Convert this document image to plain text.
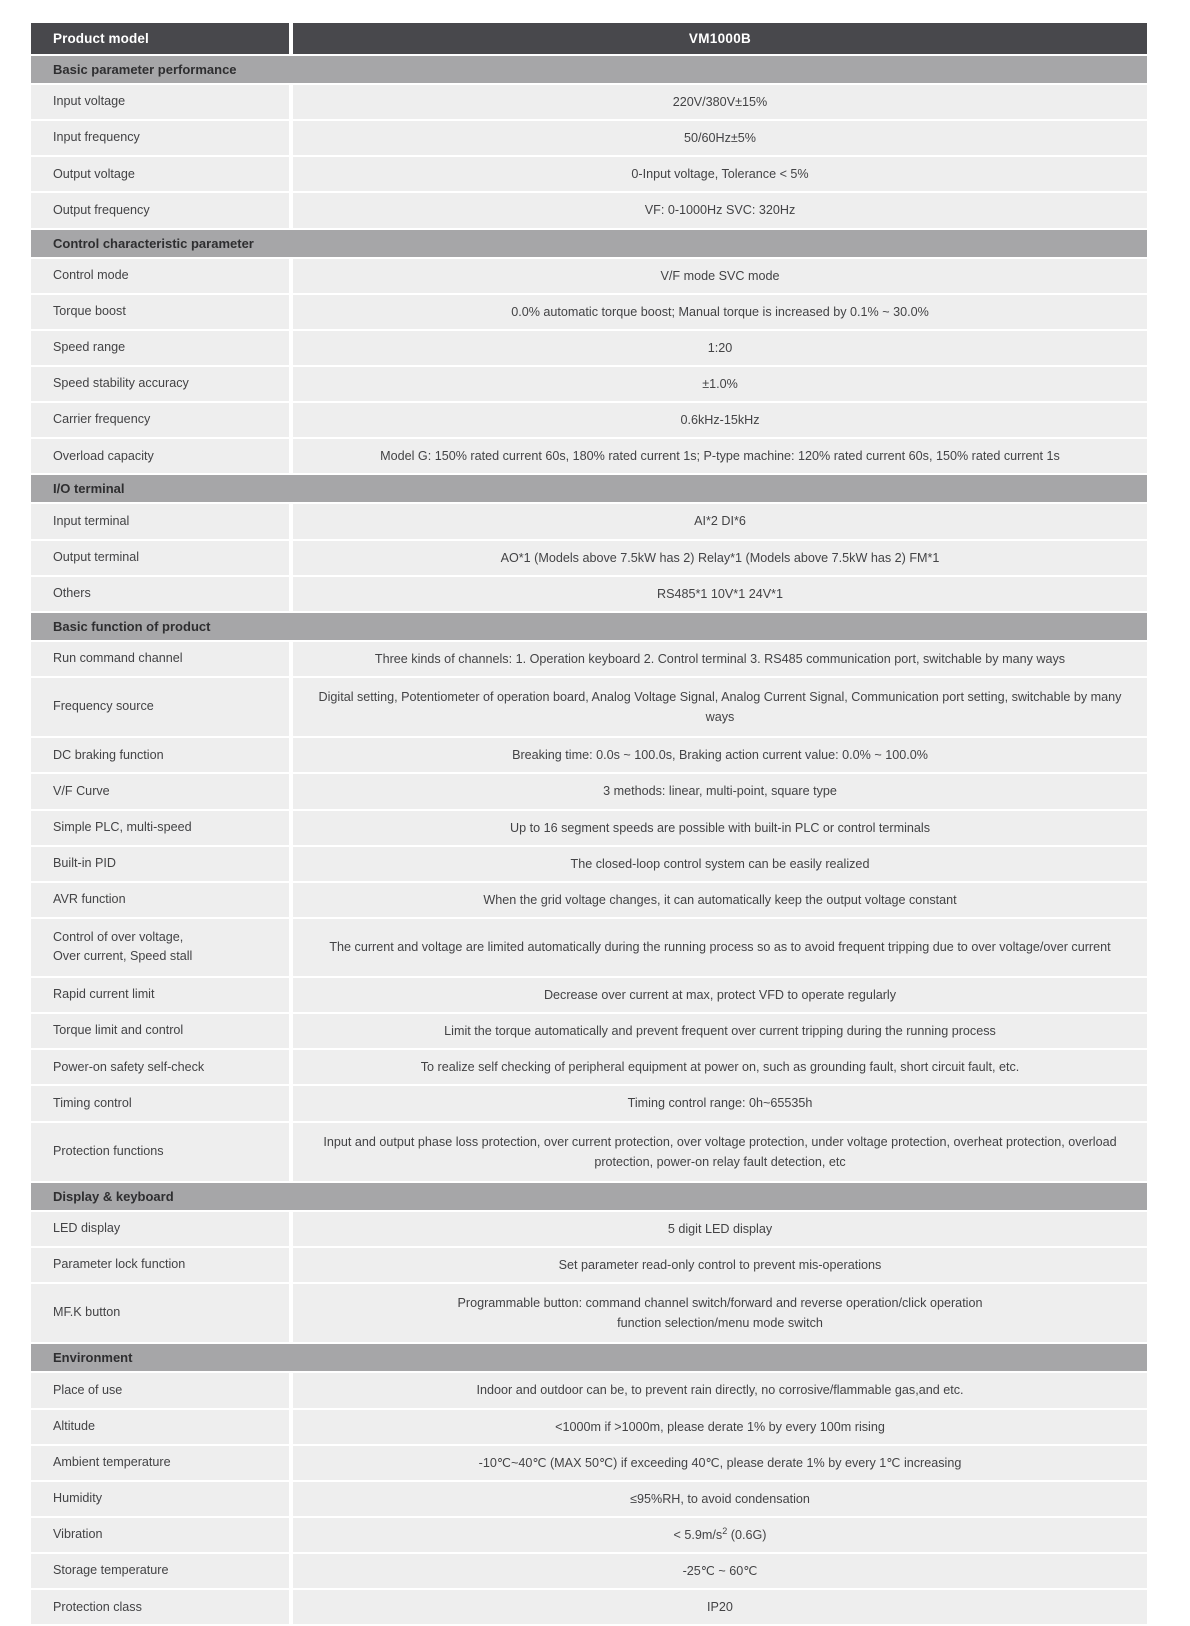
Product model		VM1000B
Basic parameter performance		
Input voltage		220V/380V±15%
Input frequency		50/60Hz±5%
Output voltage		0-Input voltage, Tolerance < 5%
Output frequency		VF: 0-1000Hz SVC: 320Hz
Control characteristic parameter		
Control mode		V/F mode SVC mode
Torque boost		0.0% automatic torque boost; Manual torque is increased by 0.1% ~ 30.0%
Speed range		1:20
Speed stability accuracy		±1.0%
Carrier frequency		0.6kHz-15kHz
Overload capacity		Model G: 150% rated current 60s, 180% rated current 1s; P-type machine: 120% rated current 60s, 150% rated current 1s
I/O terminal		
Input terminal		AI*2 DI*6
Output terminal		AO*1 (Models above 7.5kW has 2) Relay*1 (Models above 7.5kW has 2) FM*1
Others		RS485*1 10V*1 24V*1
Basic function of product		
Run command channel		Three kinds of channels: 1. Operation keyboard 2. Control terminal 3. RS485 communication port, switchable by many ways
Frequency source		Digital setting, Potentiometer of operation board, Analog Voltage Signal, Analog Current Signal, Communication port setting, switchable by many ways
DC braking function		Breaking time: 0.0s ~ 100.0s, Braking action current value: 0.0% ~ 100.0%
V/F Curve		3 methods: linear, multi-point, square type
Simple PLC, multi-speed		Up to 16 segment speeds are possible with built-in PLC or control terminals
Built-in PID		The closed-loop control system can be easily realized
AVR function		When the grid voltage changes, it can automatically keep the output voltage constant
Control of over voltage,
Over current, Speed stall		The current and voltage are limited automatically during the running process so as to avoid frequent tripping due to over voltage/over current
Rapid current limit		Decrease over current at max, protect VFD to operate regularly
Torque limit and control		Limit the torque automatically and prevent frequent over current tripping during the running process
Power-on safety self-check		To realize self checking of peripheral equipment at power on, such as grounding fault, short circuit fault, etc.
Timing control		Timing control range: 0h~65535h
Protection functions		Input and output phase loss protection, over current protection, over voltage protection, under voltage protection, overheat protection, overload protection, power-on relay fault detection, etc
Display & keyboard		
LED display		5 digit LED display
Parameter lock function		Set parameter read-only control to prevent mis-operations
MF.K button		Programmable button: command channel switch/forward and reverse operation/click operation
function selection/menu mode switch
Environment		
Place of use		Indoor and outdoor can be, to prevent rain directly, no corrosive/flammable gas,and etc.
Altitude		<1000m if >1000m, please derate 1% by every 100m rising
Ambient temperature		-10℃~40℃ (MAX 50℃) if exceeding 40℃, please derate 1% by every 1℃ increasing
Humidity		≤95%RH, to avoid condensation
Vibration		< $5.9m/s^2$ (0.6G)
Storage temperature		-25℃ ~ 60℃
Protection class		IP20
